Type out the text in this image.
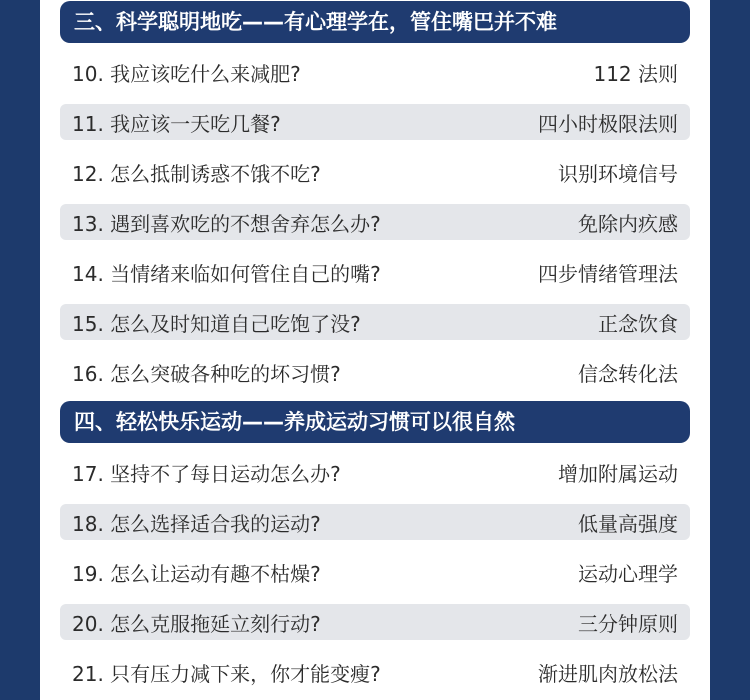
三、科学聪明地吃——有心理学在，管住嘴巴并不难
10. 我应该吃什么来减肥?	112 法则
11. 我应该一天吃几餐?	四小时极限法则
12. 怎么抵制诱惑不饿不吃?	识别环境信号
13. 遇到喜欢吃的不想舍弃怎么办?	免除内疚感
14. 当情绪来临如何管住自己的嘴?	四步情绪管理法
15. 怎么及时知道自己吃饱了没?	正念饮食
16. 怎么突破各种吃的坏习惯?	信念转化法
四、轻松快乐运动——养成运动习惯可以很自然
17. 坚持不了每日运动怎么办?	增加附属运动
18. 怎么选择适合我的运动?	低量高强度
19. 怎么让运动有趣不枯燥?	运动心理学
20. 怎么克服拖延立刻行动?	三分钟原则
21. 只有压力减下来，你才能变瘦?	渐进肌肉放松法
